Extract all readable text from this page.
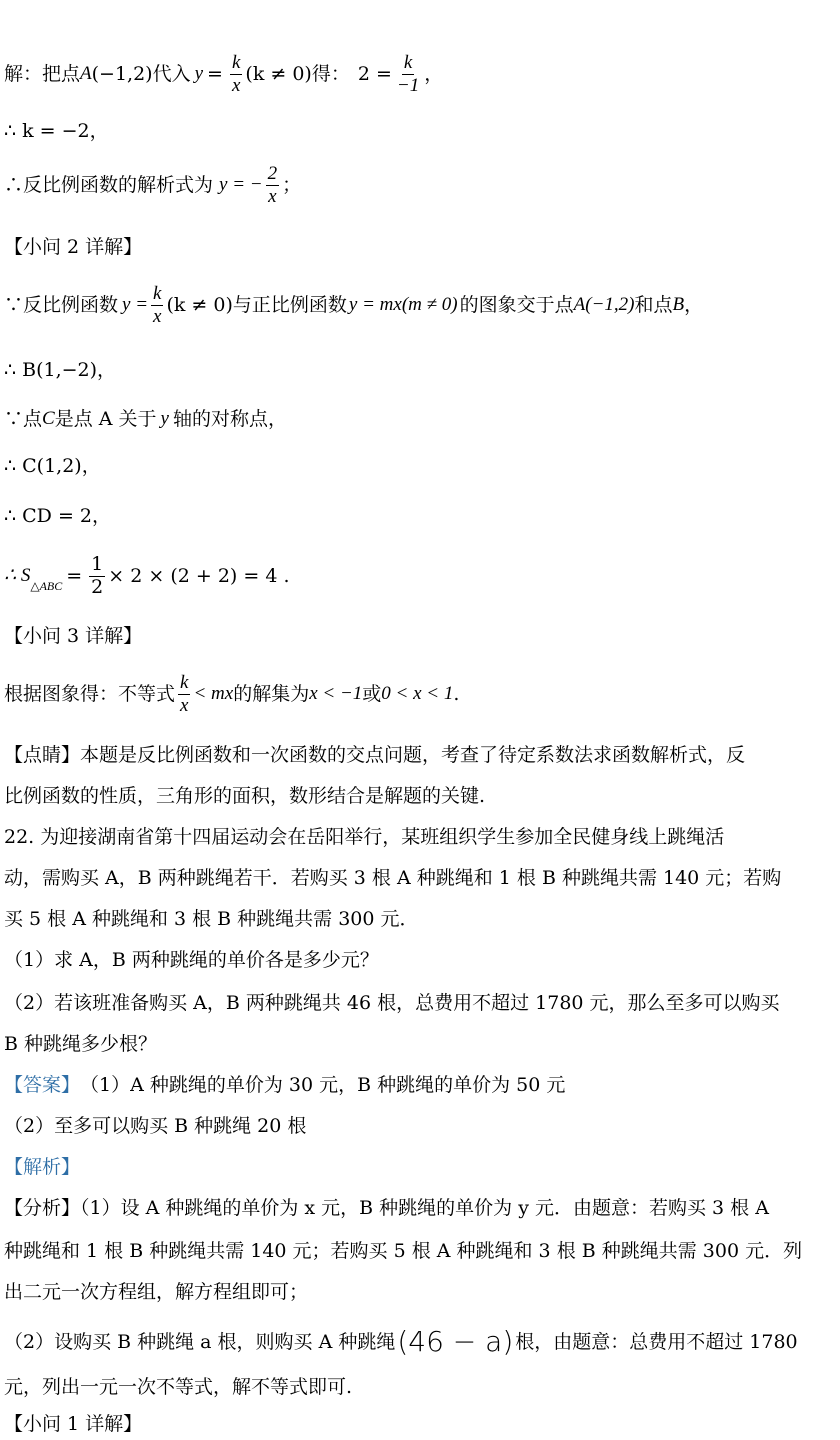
解：把点 A (−1,2) 代入 $y = \frac{k}{x} (k \ne 0)$ 得： $2 = \frac{k}{-1}$ ，
∴ k = −2，
∴反比例函数的解析式为 y = − $\frac{2}{x}$ ；
【小问 2 详解】
∵反比例函数 $y = \frac{k}{x} (k \ne 0)$ 与正比例函数 y = mx(m ≠ 0) 的图象交于点 A(−1,2) 和点 B ，
∴ B(1,−2)，
∵点 C 是点 A 关于 y 轴的对称点，
∴ C(1,2)，
∴ CD = 2，
∴ S △ABC = $\frac{1}{2} \times 2 \times (2 + 2) = 4$ .
【小问 3 详解】
根据图象得：不等式 $\frac{k}{x}$ < mx 的解集为 x < −1 或 0 < x < 1 .
【点睛】本题是反比例函数和一次函数的交点问题，考查了待定系数法求函数解析式，反
比例函数的性质，三角形的面积，数形结合是解题的关键.
22. 为迎接湖南省第十四届运动会在岳阳举行，某班组织学生参加全民健身线上跳绳活
动，需购买 A，B 两种跳绳若干．若购买 3 根 A 种跳绳和 1 根 B 种跳绳共需 140 元；若购
买 5 根 A 种跳绳和 3 根 B 种跳绳共需 300 元．
（1）求 A，B 两种跳绳的单价各是多少元？
（2）若该班准备购买 A，B 两种跳绳共 46 根，总费用不超过 1780 元，那么至多可以购买
B 种跳绳多少根？
【答案】 （1）A 种跳绳的单价为 30 元，B 种跳绳的单价为 50 元
（2）至多可以购买 B 种跳绳 20 根
【解析】
【分析】（1）设 A 种跳绳的单价为 x 元，B 种跳绳的单价为 y 元．由题意：若购买 3 根 A
种跳绳和 1 根 B 种跳绳共需 140 元；若购买 5 根 A 种跳绳和 3 根 B 种跳绳共需 300 元．列
出二元一次方程组，解方程组即可；
（2）设购买 B 种跳绳 a 根，则购买 A 种跳绳 (46 − a) 根，由题意：总费用不超过 1780
元，列出一元一次不等式，解不等式即可.
【小问 1 详解】
